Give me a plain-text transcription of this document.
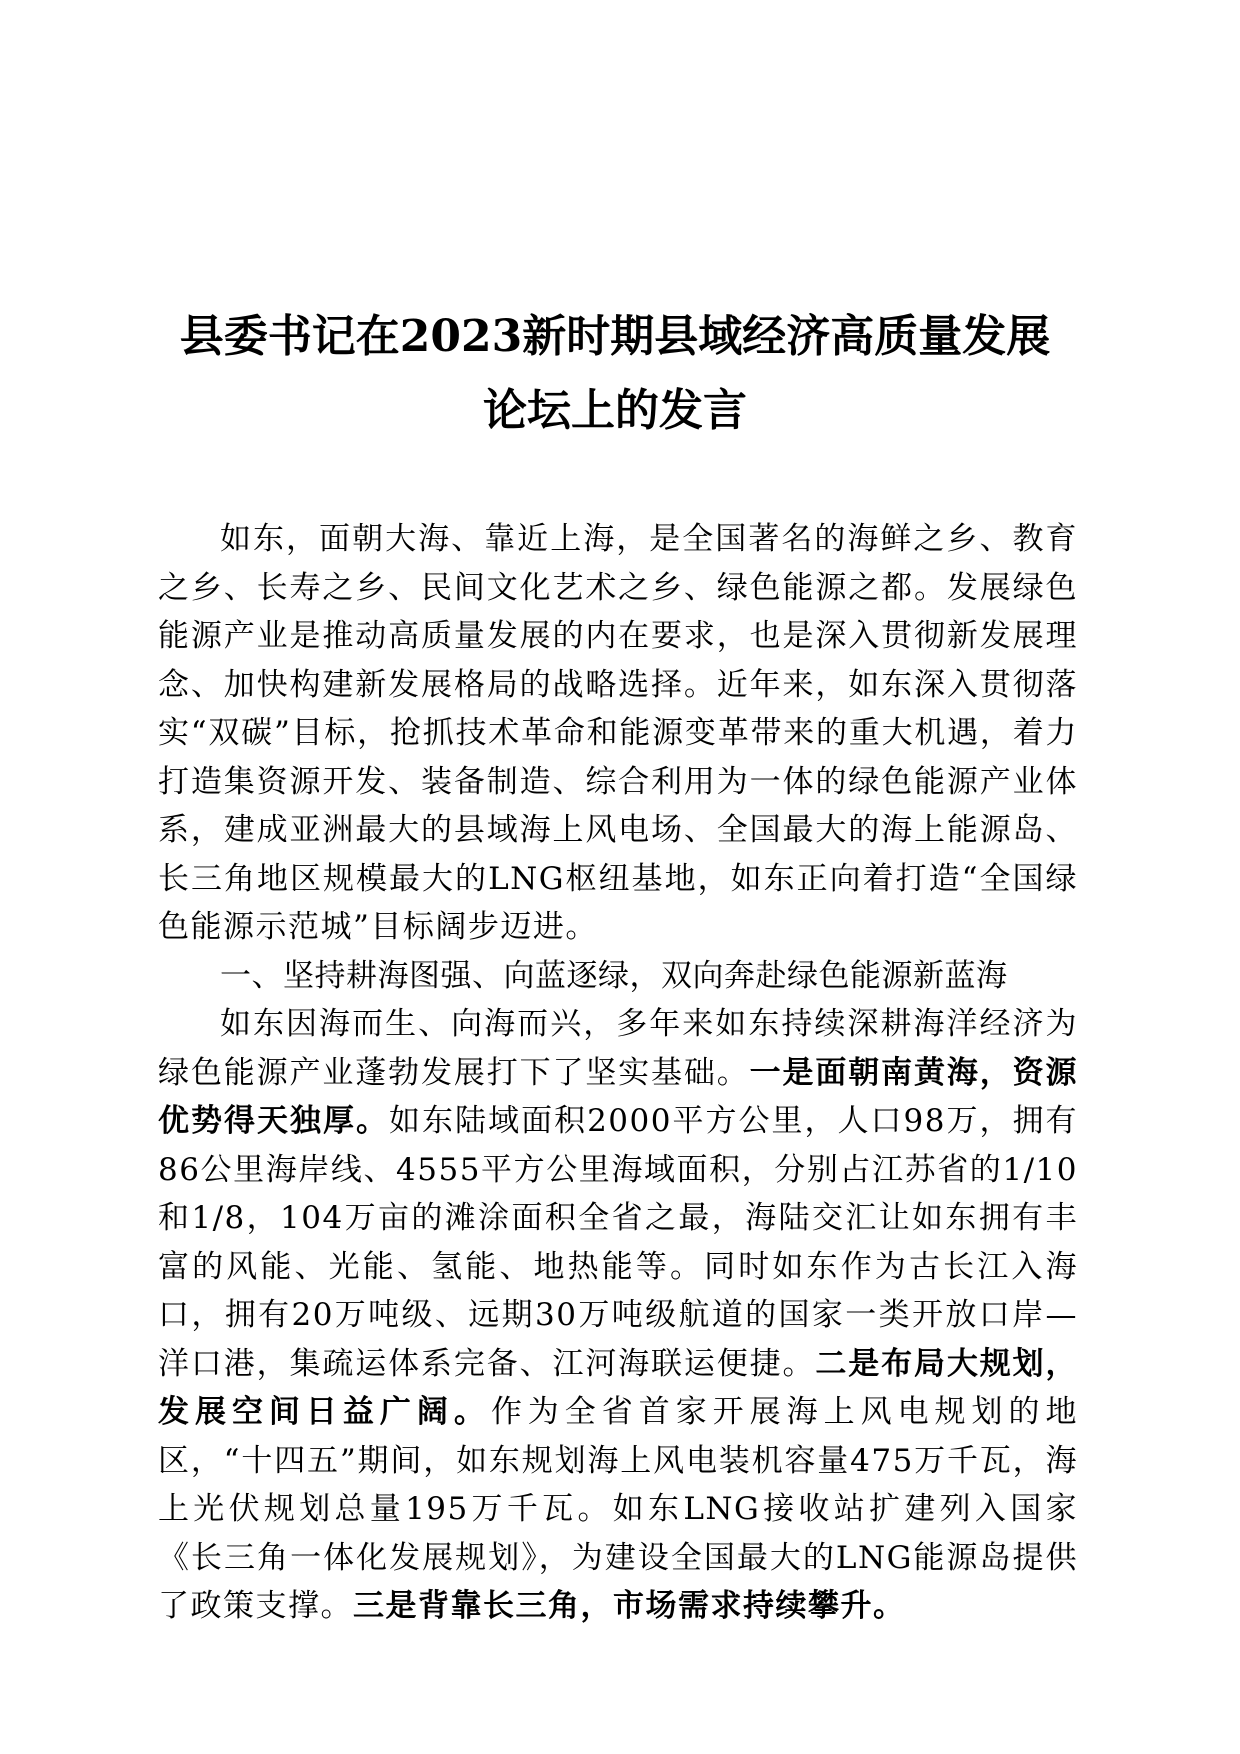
县委书记在2023新时期县域经济高质量发展
论坛上的发言

如东，面朝大海、靠近上海，是全国著名的海鲜之乡、教育之乡、长寿之乡、民间文化艺术之乡、绿色能源之都。发展绿色能源产业是推动高质量发展的内在要求，也是深入贯彻新发展理念、加快构建新发展格局的战略选择。近年来，如东深入贯彻落实“双碳”目标，抢抓技术革命和能源变革带来的重大机遇，着力打造集资源开发、装备制造、综合利用为一体的绿色能源产业体系，建成亚洲最大的县域海上风电场、全国最大的海上能源岛、长三角地区规模最大的LNG枢纽基地，如东正向着打造“全国绿色能源示范城”目标阔步迈进。

一、坚持耕海图强、向蓝逐绿，双向奔赴绿色能源新蓝海

如东因海而生、向海而兴，多年来如东持续深耕海洋经济为绿色能源产业蓬勃发展打下了坚实基础。一是面朝南黄海，资源优势得天独厚。如东陆域面积2000平方公里，人口98万，拥有86公里海岸线、4555平方公里海域面积，分别占江苏省的1/10和1/8，104万亩的滩涂面积全省之最，海陆交汇让如东拥有丰富的风能、光能、氢能、地热能等。同时如东作为古长江入海口，拥有20万吨级、远期30万吨级航道的国家一类开放口岸—洋口港，集疏运体系完备、江河海联运便捷。二是布局大规划，发展空间日益广阔。作为全省首家开展海上风电规划的地区，“十四五”期间，如东规划海上风电装机容量475万千瓦，海上光伏规划总量195万千瓦。如东LNG接收站扩建列入国家《长三角一体化发展规划》，为建设全国最大的LNG能源岛提供了政策支撑。三是背靠长三角，市场需求持续攀升。
